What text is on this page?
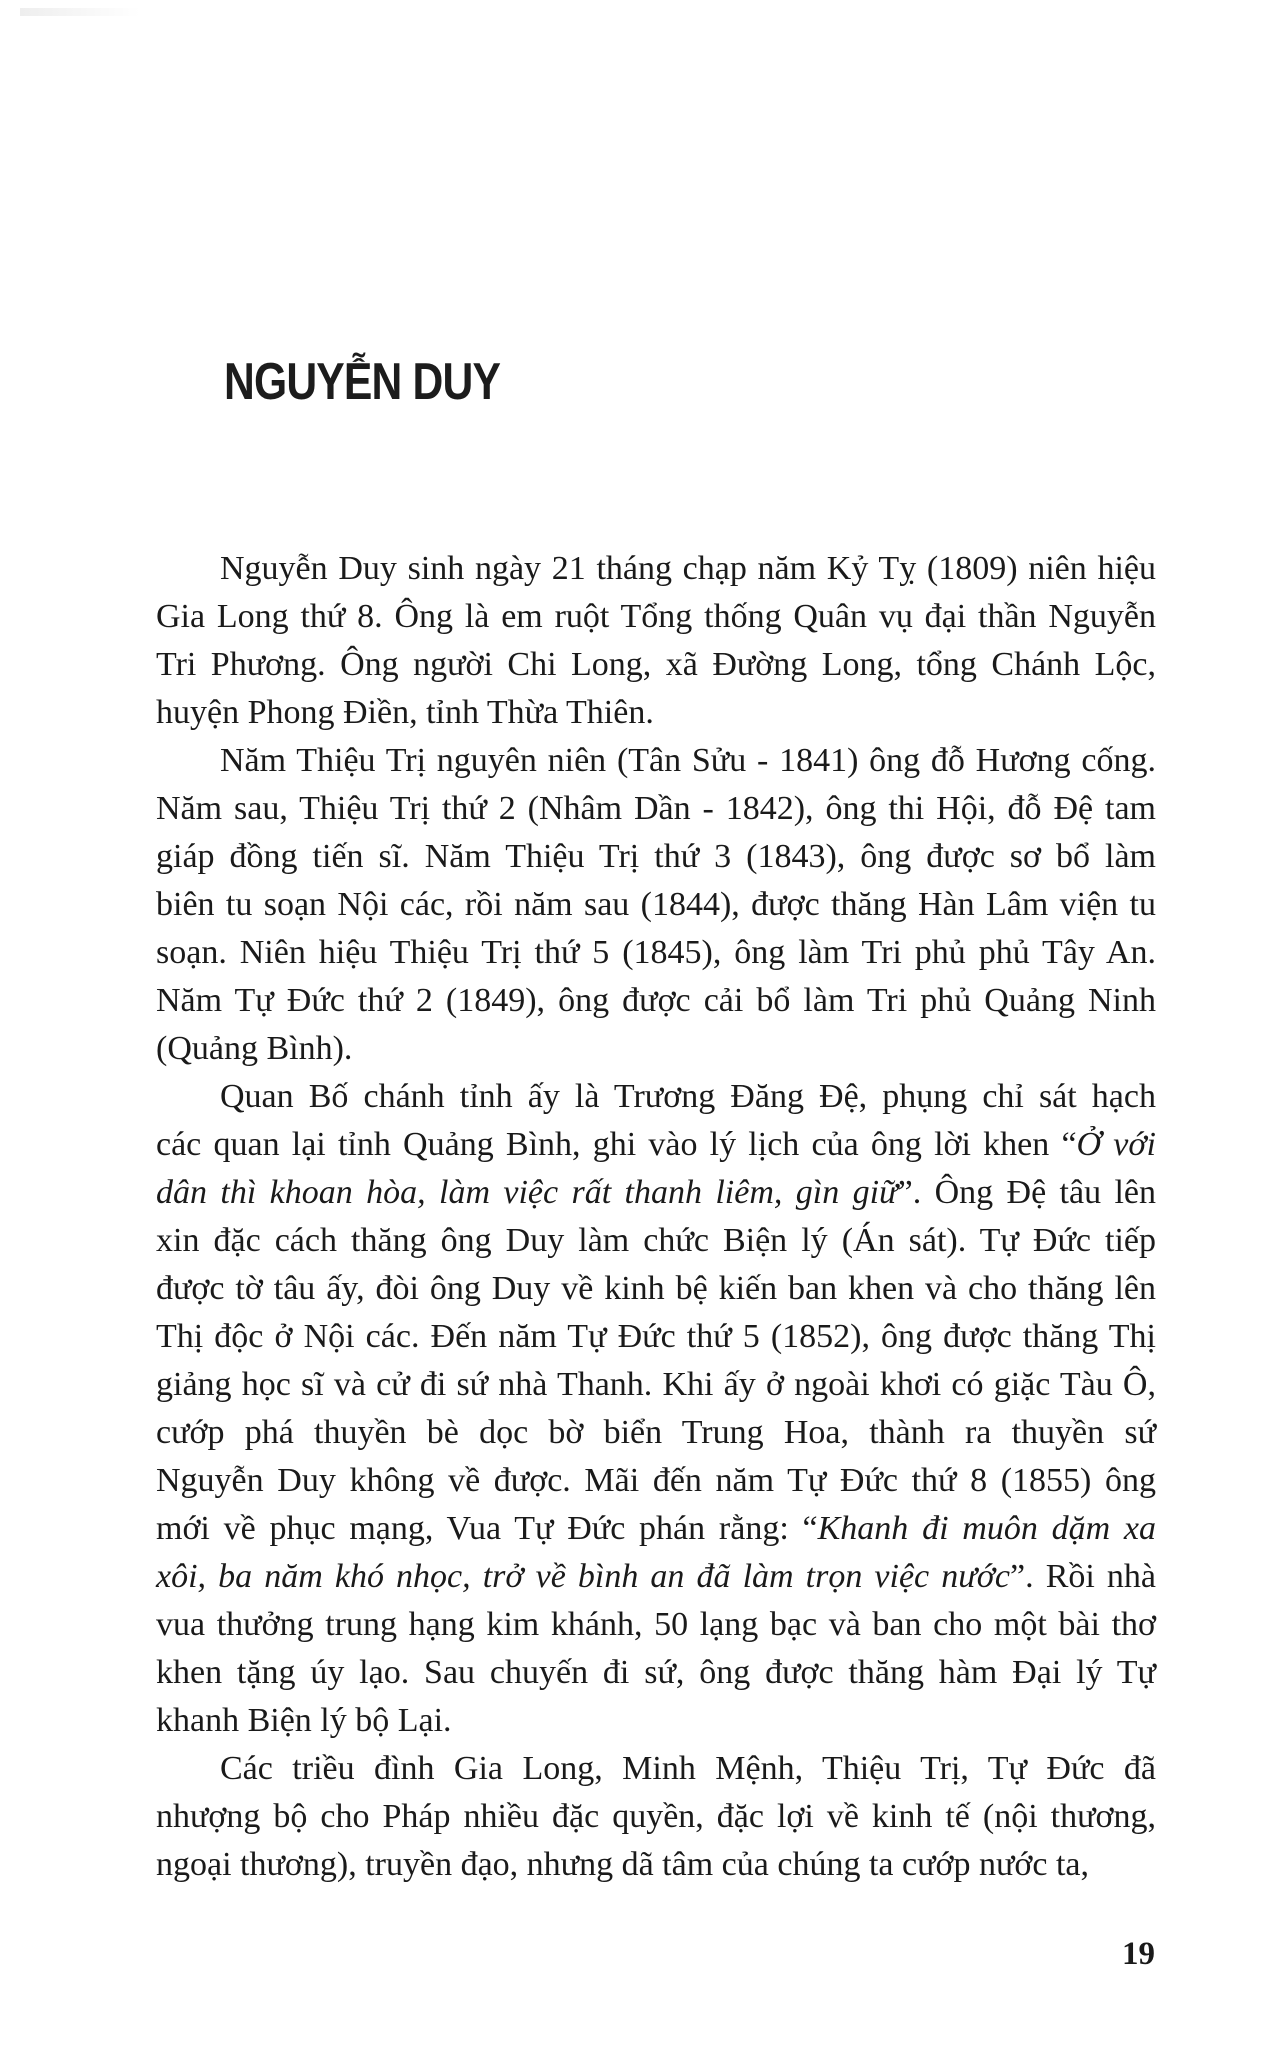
NGUYỄN DUY
Nguyễn Duy sinh ngày 21 tháng chạp năm Kỷ Tỵ (1809) niên hiệu
Gia Long thứ 8. Ông là em ruột Tổng thống Quân vụ đại thần Nguyễn
Tri Phương. Ông người Chi Long, xã Đường Long, tổng Chánh Lộc,
huyện Phong Điền, tỉnh Thừa Thiên.
Năm Thiệu Trị nguyên niên (Tân Sửu - 1841) ông đỗ Hương cống.
Năm sau, Thiệu Trị thứ 2 (Nhâm Dần - 1842), ông thi Hội, đỗ Đệ tam
giáp đồng tiến sĩ. Năm Thiệu Trị thứ 3 (1843), ông được sơ bổ làm
biên tu soạn Nội các, rồi năm sau (1844), được thăng Hàn Lâm viện tu
soạn. Niên hiệu Thiệu Trị thứ 5 (1845), ông làm Tri phủ phủ Tây An.
Năm Tự Đức thứ 2 (1849), ông được cải bổ làm Tri phủ Quảng Ninh
(Quảng Bình).
Quan Bố chánh tỉnh ấy là Trương Đăng Đệ, phụng chỉ sát hạch
các quan lại tỉnh Quảng Bình, ghi vào lý lịch của ông lời khen “Ở với
dân thì khoan hòa, làm việc rất thanh liêm, gìn giữ”. Ông Đệ tâu lên
xin đặc cách thăng ông Duy làm chức Biện lý (Án sát). Tự Đức tiếp
được tờ tâu ấy, đòi ông Duy về kinh bệ kiến ban khen và cho thăng lên
Thị độc ở Nội các. Đến năm Tự Đức thứ 5 (1852), ông được thăng Thị
giảng học sĩ và cử đi sứ nhà Thanh. Khi ấy ở ngoài khơi có giặc Tàu Ô,
cướp phá thuyền bè dọc bờ biển Trung Hoa, thành ra thuyền sứ
Nguyễn Duy không về được. Mãi đến năm Tự Đức thứ 8 (1855) ông
mới về phục mạng, Vua Tự Đức phán rằng: “Khanh đi muôn dặm xa
xôi, ba năm khó nhọc, trở về bình an đã làm trọn việc nước”. Rồi nhà
vua thưởng trung hạng kim khánh, 50 lạng bạc và ban cho một bài thơ
khen tặng úy lạo. Sau chuyến đi sứ, ông được thăng hàm Đại lý Tự
khanh Biện lý bộ Lại.
Các triều đình Gia Long, Minh Mệnh, Thiệu Trị, Tự Đức đã
nhượng bộ cho Pháp nhiều đặc quyền, đặc lợi về kinh tế (nội thương,
ngoại thương), truyền đạo, nhưng dã tâm của chúng ta cướp nước ta,
19
